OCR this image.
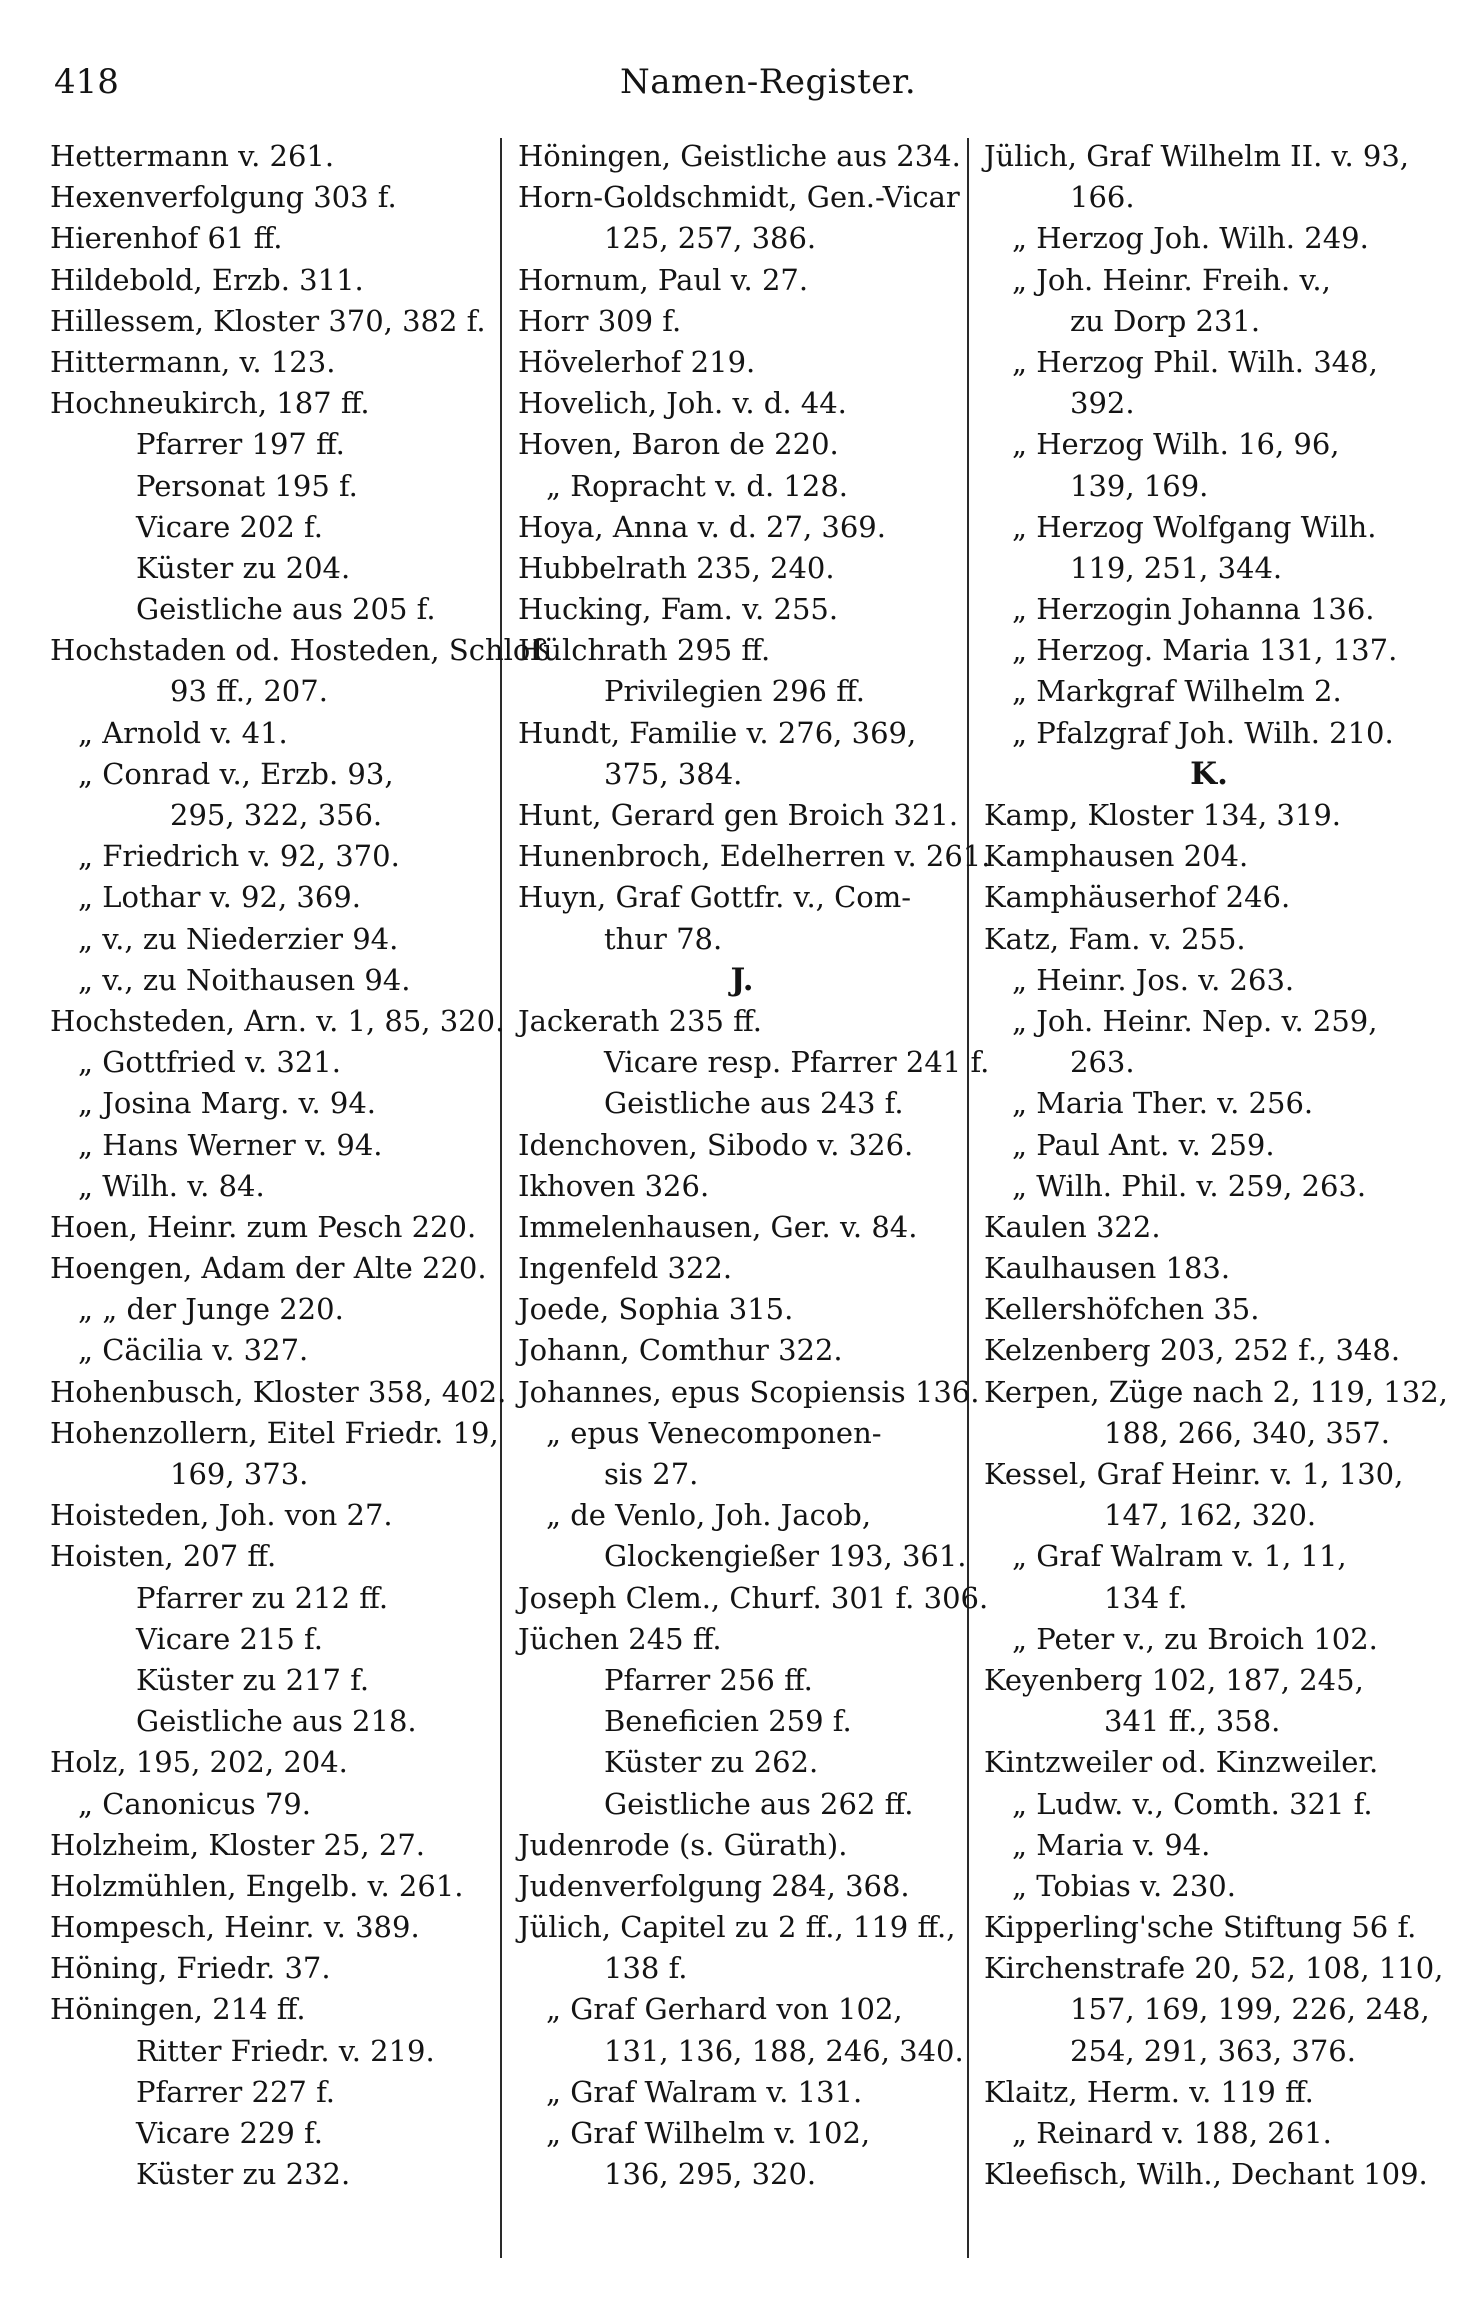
418	Namen-Register.
Hettermann v. 261.
Hexenverfolgung 303 f.
Hierenhof 61 ff.
Hildebold, Erzb. 311.
Hillessem, Kloster 370, 382 f.
Hittermann, v. 123.
Hochneukirch, 187 ff.
Pfarrer 197 ff.
Personat 195 f.
Vicare 202 f.
Küster zu 204.
Geistliche aus 205 f.
Hochstaden od. Hosteden, Schloß
93 ff., 207.
„ Arnold v. 41.
„ Conrad v., Erzb. 93,
295, 322, 356.
„ Friedrich v. 92, 370.
„ Lothar v. 92, 369.
„ v., zu Niederzier 94.
„ v., zu Noithausen 94.
Hochsteden, Arn. v. 1, 85, 320.
„ Gottfried v. 321.
„ Josina Marg. v. 94.
„ Hans Werner v. 94.
„ Wilh. v. 84.
Hoen, Heinr. zum Pesch 220.
Hoengen, Adam der Alte 220.
„ „ der Junge 220.
„ Cäcilia v. 327.
Hohenbusch, Kloster 358, 402.
Hohenzollern, Eitel Friedr. 19,
169, 373.
Hoisteden, Joh. von 27.
Hoisten, 207 ff.
Pfarrer zu 212 ff.
Vicare 215 f.
Küster zu 217 f.
Geistliche aus 218.
Holz, 195, 202, 204.
„ Canonicus 79.
Holzheim, Kloster 25, 27.
Holzmühlen, Engelb. v. 261.
Hompesch, Heinr. v. 389.
Höning, Friedr. 37.
Höningen, 214 ff.
Ritter Friedr. v. 219.
Pfarrer 227 f.
Vicare 229 f.
Küster zu 232.
Höningen, Geistliche aus 234.
Horn-Goldschmidt, Gen.-Vicar
125, 257, 386.
Hornum, Paul v. 27.
Horr 309 f.
Hövelerhof 219.
Hovelich, Joh. v. d. 44.
Hoven, Baron de 220.
„ Ropracht v. d. 128.
Hoya, Anna v. d. 27, 369.
Hubbelrath 235, 240.
Hucking, Fam. v. 255.
Hülchrath 295 ff.
Privilegien 296 ff.
Hundt, Familie v. 276, 369,
375, 384.
Hunt, Gerard gen Broich 321.
Hunenbroch, Edelherren v. 261.
Huyn, Graf Gottfr. v., Com-
thur 78.
J.
Jackerath 235 ff.
Vicare resp. Pfarrer 241 f.
Geistliche aus 243 f.
Idenchoven, Sibodo v. 326.
Ikhoven 326.
Immelenhausen, Ger. v. 84.
Ingenfeld 322.
Joede, Sophia 315.
Johann, Comthur 322.
Johannes, epus Scopiensis 136.
„ epus Venecomponen-
sis 27.
„ de Venlo, Joh. Jacob,
Glockengießer 193, 361.
Joseph Clem., Churf. 301 f. 306.
Jüchen 245 ff.
Pfarrer 256 ff.
Beneficien 259 f.
Küster zu 262.
Geistliche aus 262 ff.
Judenrode (s. Gürath).
Judenverfolgung 284, 368.
Jülich, Capitel zu 2 ff., 119 ff.,
138 f.
„ Graf Gerhard von 102,
131, 136, 188, 246, 340.
„ Graf Walram v. 131.
„ Graf Wilhelm v. 102,
136, 295, 320.
Jülich, Graf Wilhelm II. v. 93,
166.
„ Herzog Joh. Wilh. 249.
„ Joh. Heinr. Freih. v.,
zu Dorp 231.
„ Herzog Phil. Wilh. 348,
392.
„ Herzog Wilh. 16, 96,
139, 169.
„ Herzog Wolfgang Wilh.
119, 251, 344.
„ Herzogin Johanna 136.
„ Herzog. Maria 131, 137.
„ Markgraf Wilhelm 2.
„ Pfalzgraf Joh. Wilh. 210.
K.
Kamp, Kloster 134, 319.
Kamphausen 204.
Kamphäuserhof 246.
Katz, Fam. v. 255.
„ Heinr. Jos. v. 263.
„ Joh. Heinr. Nep. v. 259,
263.
„ Maria Ther. v. 256.
„ Paul Ant. v. 259.
„ Wilh. Phil. v. 259, 263.
Kaulen 322.
Kaulhausen 183.
Kellershöfchen 35.
Kelzenberg 203, 252 f., 348.
Kerpen, Züge nach 2, 119, 132,
188, 266, 340, 357.
Kessel, Graf Heinr. v. 1, 130,
147, 162, 320.
„ Graf Walram v. 1, 11,
134 f.
„ Peter v., zu Broich 102.
Keyenberg 102, 187, 245,
341 ff., 358.
Kintzweiler od. Kinzweiler.
„ Ludw. v., Comth. 321 f.
„ Maria v. 94.
„ Tobias v. 230.
Kipperling'sche Stiftung 56 f.
Kirchenstrafe 20, 52, 108, 110,
157, 169, 199, 226, 248,
254, 291, 363, 376.
Klaitz, Herm. v. 119 ff.
„ Reinard v. 188, 261.
Kleefisch, Wilh., Dechant 109.
